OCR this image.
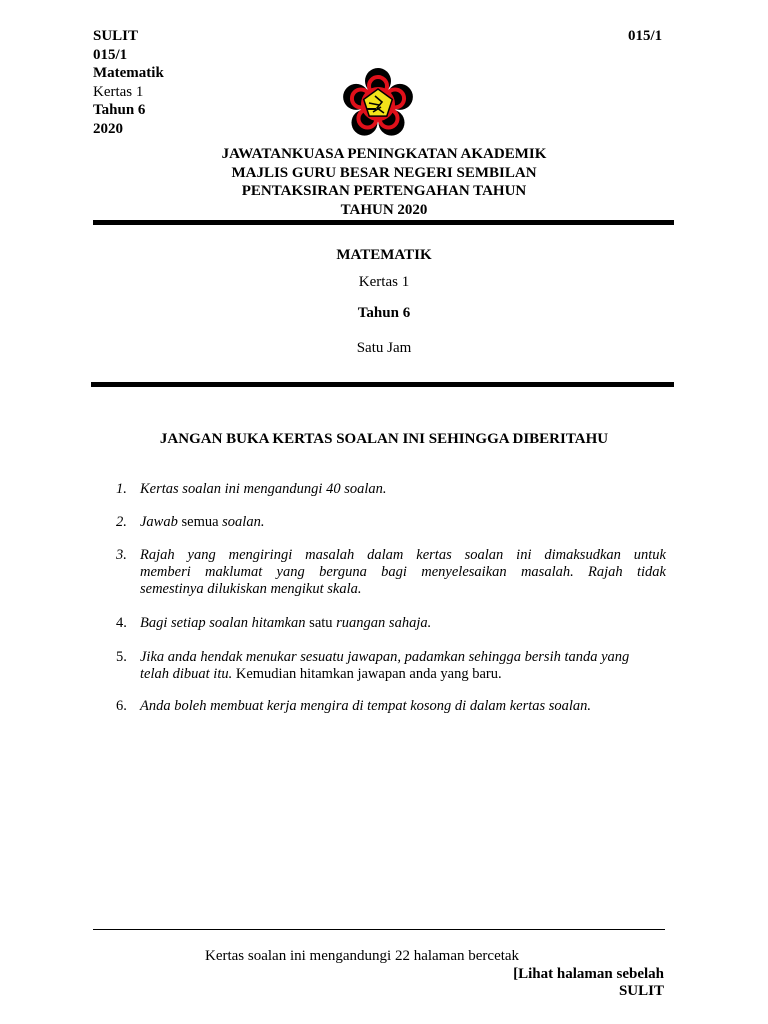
SULIT
015/1
Matematik
Kertas 1
Tahun 6
2020
015/1
JAWATANKUASA PENINGKATAN AKADEMIK
MAJLIS GURU BESAR NEGERI SEMBILAN
PENTAKSIRAN PERTENGAHAN TAHUN
TAHUN 2020
MATEMATIK
Kertas 1
Tahun 6
Satu Jam
JANGAN BUKA KERTAS SOALAN INI SEHINGGA DIBERITAHU
1. Kertas soalan ini mengandungi 40 soalan.
2. Jawab semua soalan.
3. Rajah yang mengiringi masalah dalam kertas soalan ini dimaksudkan untuk
memberi maklumat yang berguna bagi menyelesaikan masalah. Rajah tidak
semestinya dilukiskan mengikut skala.
4. Bagi setiap soalan hitamkan satu ruangan sahaja.
5. Jika anda hendak menukar sesuatu jawapan, padamkan sehingga bersih tanda yang
telah dibuat itu. Kemudian hitamkan jawapan anda yang baru.
6. Anda boleh membuat kerja mengira di tempat kosong di dalam kertas soalan.
Kertas soalan ini mengandungi 22 halaman bercetak
[Lihat halaman sebelah
SULIT
